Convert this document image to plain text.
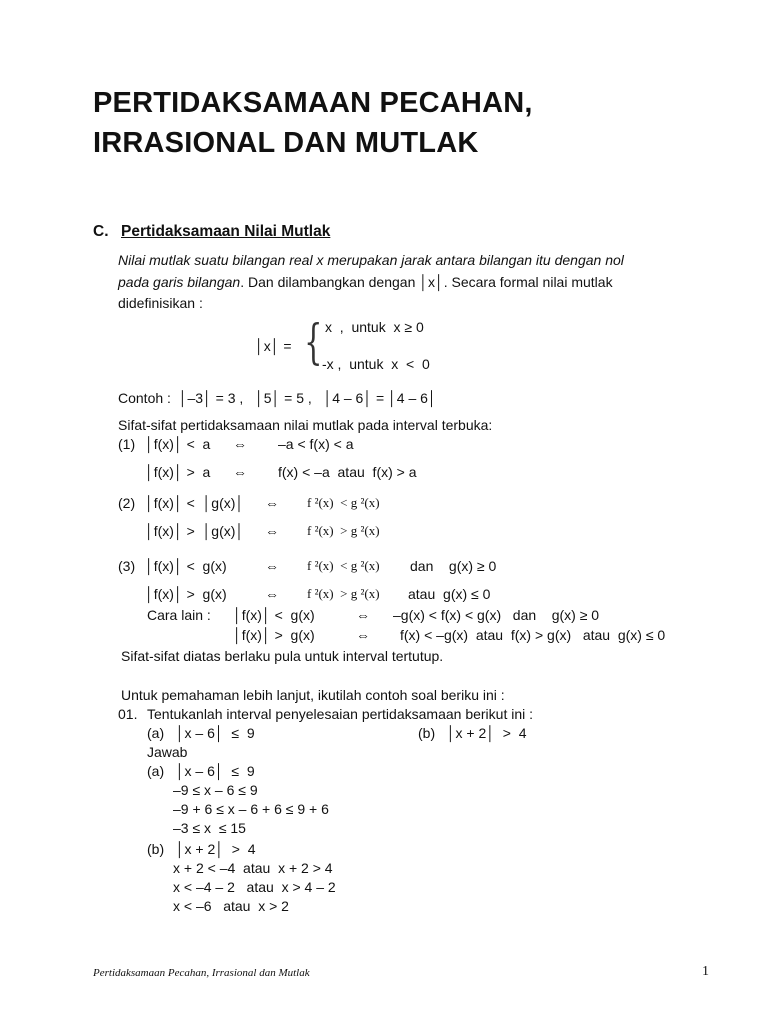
PERTIDAKSAMAAN PECAHAN,
IRRASIONAL DAN MUTLAK
C. Pertidaksamaan Nilai Mutlak
Nilai mutlak suatu bilangan real x merupakan jarak antara bilangan itu dengan nol
pada garis bilangan. Dan dilambangkan dengan │x│. Secara formal nilai mutlak
didefinisikan :
│x│ = { x  ,  untuk  x ≥ 0
-x ,  untuk  x  <  0
Contoh :  │–3│ = 3 ,   │5│ = 5 ,   │4 – 6│ = │4 – 6│
Sifat-sifat pertidaksamaan nilai mutlak pada interval terbuka:
(1) │f(x)│ <  a ⇔ –a < f(x) < a
│f(x)│ >  a ⇔ f(x) < –a  atau  f(x) > a
(2) │f(x)│ <  │g(x)│ ⇔ f ²(x)  < g ²(x)
│f(x)│ >  │g(x)│ ⇔ f ²(x)  > g ²(x)
(3) │f(x)│ <  g(x)	⇔ f ²(x)  < g ²(x) dan    g(x) ≥ 0
│f(x)│ >  g(x)	⇔ f ²(x)  > g ²(x) atau  g(x) ≤ 0
Cara lain : │f(x)│ <  g(x)	⇔ –g(x) < f(x) < g(x)   dan    g(x) ≥ 0
│f(x)│ >  g(x)	⇔ f(x) < –g(x)  atau  f(x) > g(x)   atau  g(x) ≤ 0
Sifat-sifat diatas berlaku pula untuk interval tertutup.
Untuk pemahaman lebih lanjut, ikutilah contoh soal beriku ini :
01. Tentukanlah interval penyelesaian pertidaksamaan berikut ini :
(a)   │x – 6│  ≤  9	(b)   │x + 2│  >  4
Jawab
(a)   │x – 6│  ≤  9
–9 ≤ x – 6 ≤ 9
–9 + 6 ≤ x – 6 + 6 ≤ 9 + 6
–3 ≤ x  ≤ 15
(b)   │x + 2│  >  4
x + 2 < –4  atau  x + 2 > 4
x < –4 – 2   atau  x > 4 – 2
x < –6   atau  x > 2
Pertidaksamaan Pecahan, Irrasional dan Mutlak	1
